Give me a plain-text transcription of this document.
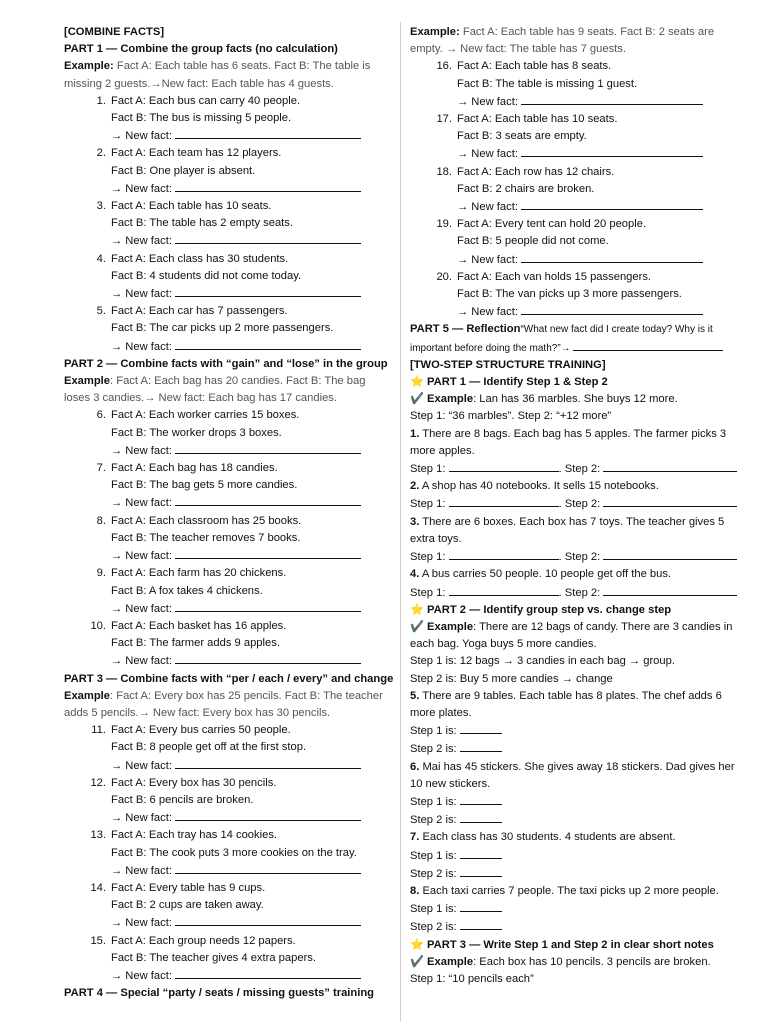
[COMBINE FACTS]
PART 1 — Combine the group facts (no calculation)
Example: Fact A: Each table has 6 seats. Fact B: The table is missing 2 guests.→New fact: Each table has 4 guests.
1. Fact A: Each bus can carry 40 people.
Fact B: The bus is missing 5 people.
→ New fact:
2. Fact A: Each team has 12 players.
Fact B: One player is absent.
→ New fact:
3. Fact A: Each table has 10 seats.
Fact B: The table has 2 empty seats.
→ New fact:
4. Fact A: Each class has 30 students.
Fact B: 4 students did not come today.
→ New fact:
5. Fact A: Each car has 7 passengers.
Fact B: The car picks up 2 more passengers.
→ New fact:
PART 2 — Combine facts with “gain” and “lose” in the group
Example: Fact A: Each bag has 20 candies. Fact B: The bag loses 3 candies.→ New fact: Each bag has 17 candies.
6. Fact A: Each worker carries 15 boxes.
Fact B: The worker drops 3 boxes.
→ New fact:
7. Fact A: Each bag has 18 candies.
Fact B: The bag gets 5 more candies.
→ New fact:
8. Fact A: Each classroom has 25 books.
Fact B: The teacher removes 7 books.
→ New fact:
9. Fact A: Each farm has 20 chickens.
Fact B: A fox takes 4 chickens.
→ New fact:
10. Fact A: Each basket has 16 apples.
Fact B: The farmer adds 9 apples.
→ New fact:
PART 3 — Combine facts with “per / each / every” and change
Example: Fact A: Every box has 25 pencils. Fact B: The teacher adds 5 pencils.→ New fact: Every box has 30 pencils.
11. Fact A: Every bus carries 50 people.
Fact B: 8 people get off at the first stop.
→ New fact:
12. Fact A: Every box has 30 pencils.
Fact B: 6 pencils are broken.
→ New fact:
13. Fact A: Each tray has 14 cookies.
Fact B: The cook puts 3 more cookies on the tray.
→ New fact:
14. Fact A: Every table has 9 cups.
Fact B: 2 cups are taken away.
→ New fact:
15. Fact A: Each group needs 12 papers.
Fact B: The teacher gives 4 extra papers.
→ New fact:
PART 4 — Special “party / seats / missing guests” training
Example: Fact A: Each table has 9 seats. Fact B: 2 seats are empty. → New fact: The table has 7 guests.
16. Fact A: Each table has 8 seats.
Fact B: The table is missing 1 guest.
→ New fact:
17. Fact A: Each table has 10 seats.
Fact B: 3 seats are empty.
→ New fact:
18. Fact A: Each row has 12 chairs.
Fact B: 2 chairs are broken.
→ New fact:
19. Fact A: Every tent can hold 20 people.
Fact B: 5 people did not come.
→ New fact:
20. Fact A: Each van holds 15 passengers.
Fact B: The van picks up 3 more passengers.
→ New fact:
PART 5 — Reflection“What new fact did I create today? Why is it
important before doing the math?”→
[TWO-STEP STRUCTURE TRAINING]
⭐ PART 1 — Identify Step 1 & Step 2
✔️ Example: Lan has 36 marbles. She buys 12 more.
Step 1: “36 marbles”. Step 2: “+12 more”
1. There are 8 bags. Each bag has 5 apples. The farmer picks 3 more apples.
Step 1:	. Step 2:
2. A shop has 40 notebooks. It sells 15 notebooks.
Step 1:	. Step 2:
3. There are 6 boxes. Each box has 7 toys. The teacher gives 5 extra toys.
Step 1:	. Step 2:
4. A bus carries 50 people. 10 people get off the bus.
Step 1:	. Step 2:
⭐ PART 2 — Identify group step vs. change step
✔️ Example: There are 12 bags of candy. There are 3 candies in each bag. Yoga buys 5 more candies.
Step 1 is: 12 bags → 3 candies in each bag → group.
Step 2 is: Buy 5 more candies → change
5. There are 9 tables. Each table has 8 plates. The chef adds 6 more plates.
Step 1 is:
Step 2 is:
6. Mai has 45 stickers. She gives away 18 stickers. Dad gives her 10 new stickers.
Step 1 is:
Step 2 is:
7. Each class has 30 students. 4 students are absent.
Step 1 is:
Step 2 is:
8. Each taxi carries 7 people. The taxi picks up 2 more people.
Step 1 is:
Step 2 is:
⭐ PART 3 — Write Step 1 and Step 2 in clear short notes
✔️ Example: Each box has 10 pencils. 3 pencils are broken.
Step 1: “10 pencils each”
